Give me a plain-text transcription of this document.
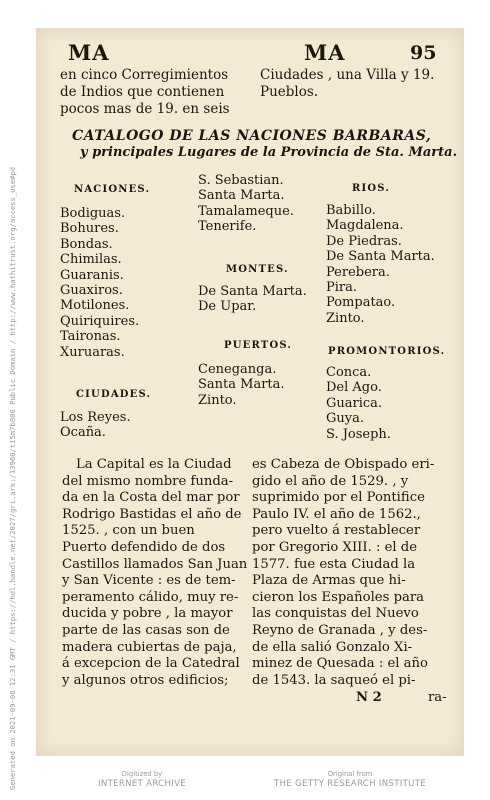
Generated on 2021-09-06 12:31 GMT / https://hdl.handle.net/2027/gri.ark:/13960/t15m7b806 Public Domain / http://www.hathitrust.org/access_use#pd
MA	MA	95
en cinco Corregimientos
de Indios que contienen
pocos mas de 19. en seis
Ciudades , una Villa y 19.
Pueblos.
CATALOGO DE LAS NACIONES BARBARAS,
y principales Lugares de la Provincia de Sta. Marta.
NACIONES.
Bodiguas.
Bohures.
Bondas.
Chimilas.
Guaranis.
Guaxiros.
Motilones.
Quiriquires.
Taironas.
Xuruaras.
CIUDADES.
Los Reyes.
Ocaña.
S. Sebastian.
Santa Marta.
Tamalameque.
Tenerife.
MONTES.
De Santa Marta.
De Upar.
PUERTOS.
Ceneganga.
Santa Marta.
Zinto.
RIOS.
Babillo.
Magdalena.
De Piedras.
De Santa Marta.
Perebera.
Pira.
Pompatao.
Zinto.
PROMONTORIOS.
Conca.
Del Ago.
Guarica.
Guya.
S. Joseph.
La Capital es la Ciudad
del mismo nombre funda-
da en la Costa del mar por
Rodrigo Bastidas el año de
1525. , con un buen
Puerto defendido de dos
Castillos llamados San Juan
y San Vicente : es de tem-
peramento cálido, muy re-
ducida y pobre , la mayor
parte de las casas son de
madera cubiertas de paja,
á excepcion de la Catedral
y algunos otros edificios;
es Cabeza de Obispado eri-
gido el año de 1529. , y
suprimido por el Pontifice
Paulo IV. el año de 1562.,
pero vuelto á restablecer
por Gregorio XIII. : el de
1577. fue esta Ciudad la
Plaza de Armas que hi-
cieron los Españoles para
las conquistas del Nuevo
Reyno de Granada , y des-
de ella salió Gonzalo Xi-
minez de Quesada : el año
de 1543. la saqueó el pi-
N 2	ra-
Digitized by
INTERNET ARCHIVE
Original from
THE GETTY RESEARCH INSTITUTE
